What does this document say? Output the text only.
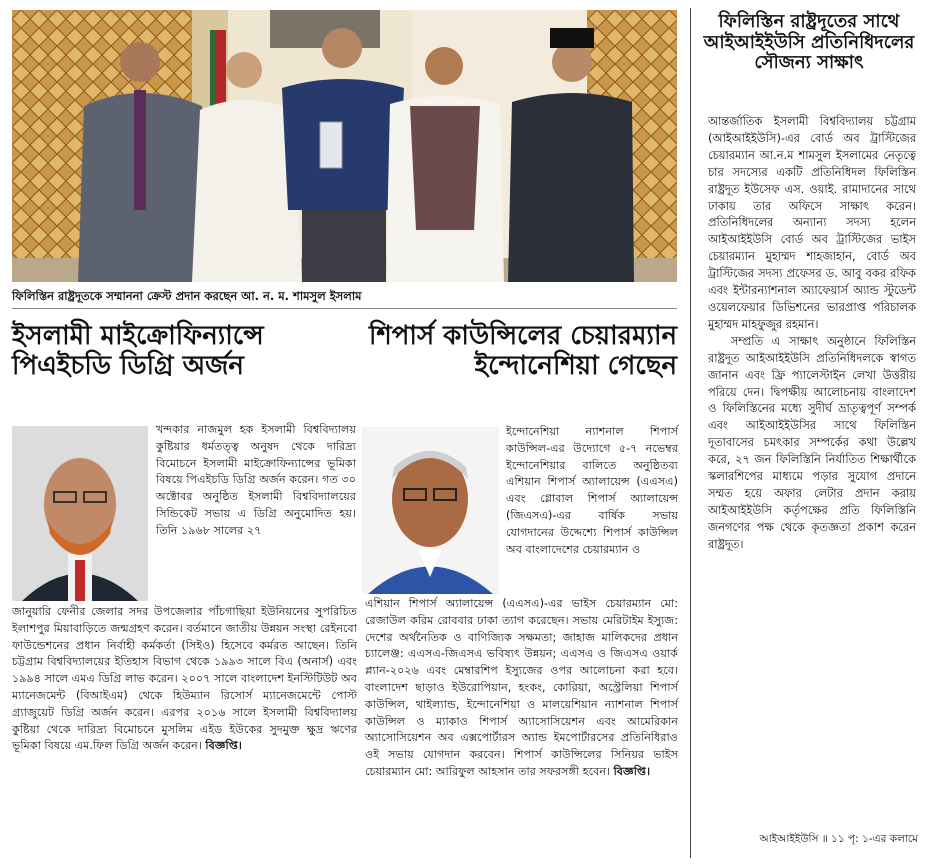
ফিলিস্তিন রাষ্ট্রদূতকে সম্মাননা ক্রেস্ট প্রদান করছেন আ. ন. ম. শামসুল ইসলাম
ফিলিস্তিন রাষ্ট্রদূতের সাথে আইআইইউসি প্রতিনিধিদলের সৌজন্য সাক্ষাৎ

আন্তর্জাতিক ইসলামী বিশ্ববিদ্যালয় চট্টগ্রাম (আইআইইউসি)-এর বোর্ড অব ট্রাস্টিজের চেয়ারম্যান আ.ন.ম শামসুল ইসলামের নেতৃত্বে চার সদস্যের একটি প্রতিনিধিদল ফিলিস্তিন রাষ্ট্রদূত ইউসেফ এস. ওয়াই. রামাদানের সাথে ঢাকায় তার অফিসে সাক্ষাৎ করেন। প্রতিনিধিদলের অন্যান্য সদস্য হলেন আইআইইউসি বোর্ড অব ট্রাস্টিজের ভাইস চেয়ারম্যান মুহাম্মদ শাহজাহান, বোর্ড অব ট্রাস্টিজের সদস্য প্রফেসর ড. আবু বকর রফিক এবং ইন্টারন্যাশনাল অ্যাফেয়ার্স অ্যান্ড স্টুডেন্ট ওয়েলফেয়ার ডিভিশনের ভারপ্রাপ্ত পরিচালক মুহাম্মদ মাহফুজুর রহমান।

সম্প্রতি এ সাক্ষাৎ অনুষ্ঠানে ফিলিস্তিন রাষ্ট্রদূত আইআইইউসি প্রতিনিধিদলকে স্বাগত জানান এবং ফ্রি প্যালেস্টাইন লেখা উত্তরীয় পরিয়ে দেন। দ্বিপক্ষীয় আলোচনায় বাংলাদেশ ও ফিলিস্তিনের মধ্যে সুদীর্ঘ ভ্রাতৃত্বপূর্ণ সম্পর্ক এবং আইআইইউসির সাথে ফিলিস্তিন দূতাবাসের চমৎকার সম্পর্কের কথা উল্লেখ করে, ২৭ জন ফিলিস্তিনি নির্যাতিত শিক্ষার্থীকে স্কলারশিপের মাধ্যমে পড়ার সুযোগ প্রদানে সম্মত হয়ে অফার লেটার প্রদান করায় আইআইইউসি কর্তৃপক্ষের প্রতি ফিলিস্তিনি জনগণের পক্ষ থেকে কৃতজ্ঞতা প্রকাশ করেন রাষ্ট্রদূত।

আইআইইউসি ॥ ১১ পৃ: ১-এর কলামে
ইসলামী মাইক্রোফিন্যান্সে পিএইচডি ডিগ্রি অর্জন

খন্দকার নাজমুল হক ইসলামী বিশ্ববিদ্যালয় কুষ্টিয়ার ধর্মতত্ত্ব অনুষদ থেকে দারিদ্র্য বিমোচনে ইসলামী মাইক্রোফিন্যান্সের ভূমিকা বিষয়ে পিএইচডি ডিগ্রি অর্জন করেন। গত ৩০ অক্টোবর অনুষ্ঠিত ইসলামী বিশ্ববিদ্যালয়ের সিন্ডিকেট সভায় এ ডিগ্রি অনুমোদিত হয়। তিনি ১৯৬৮ সালের ২৭

জানুয়ারি ফেনীর জেলার সদর উপজেলার পাঁচগাছিয়া ইউনিয়নের সুপরিচিত ইলাশপুর মিয়াবাড়িতে জন্মগ্রহণ করেন। বর্তমানে জাতীয় উন্নয়ন সংস্থা রেইনবো ফাউন্ডেশনের প্রধান নির্বাহী কর্মকর্তা (সিইও) হিসেবে কর্মরত আছেন। তিনি চট্টগ্রাম বিশ্ববিদ্যালয়ের ইতিহাস বিভাগ থেকে ১৯৯৩ সালে বিএ (অনার্স) এবং ১৯৯৪ সালে এমএ ডিগ্রি লাভ করেন। ২০০৭ সালে বাংলাদেশ ইনস্টিটিউট অব ম্যানেজমেন্ট (বিআইএম) থেকে হিউম্যান রিসোর্স ম্যানেজমেন্টে পোস্ট গ্র্যাজুয়েট ডিগ্রি অর্জন করেন। এরপর ২০১৬ সালে ইসলামী বিশ্ববিদ্যালয় কুষ্টিয়া থেকে দারিদ্র্য বিমোচনে মুসলিম এইড ইউকের সুদমুক্ত ক্ষুদ্র ঋণের ভূমিকা বিষয়ে এম.ফিল ডিগ্রি অর্জন করেন। বিজ্ঞপ্তি।
শিপার্স কাউন্সিলের চেয়ারম্যান ইন্দোনেশিয়া গেছেন

ইন্দোনেশিয়া ন্যাশনাল শিপার্স কাউন্সিল-এর উদ্যোগে ৫-৭ নভেম্বর ইন্দোনেশিয়ার বালিতে অনুষ্ঠিতব্য এশিয়ান শিপার্স অ্যালায়েন্স (এএসএ) এবং গ্লোবাল শিপার্স অ্যালায়েন্স (জিএসএ)-এর বার্ষিক সভায় যোগদানের উদ্দেশ্যে শিপার্স কাউন্সিল অব বাংলাদেশের চেয়ারম্যান ও

এশিয়ান শিপার্স অ্যালায়েন্স (এএসএ)-এর ভাইস চেয়ারম্যান মো: রেজাউল করিম রোববার ঢাকা ত্যাগ করেছেন। সভায় মেরিটাইম ইস্যুজ: দেশের অর্থনৈতিক ও বাণিজ্যিক সক্ষমতা; জাহাজ মালিকদের প্রধান চ্যালেঞ্জ: এএসএ-জিএসএ ভবিষ্যৎ উন্নয়ন; এএসএ ও জিএসএ ওয়ার্ক প্ল্যান-২০২৬ এবং মেম্বারশিপ ইস্যুজের ওপর আলোচনা করা হবে। বাংলাদেশ ছাড়াও ইউরোপিয়ান, হংকং, কোরিয়া, অস্ট্রেলিয়া শিপার্স কাউন্সিল, থাইল্যান্ড, ইন্দোনেশিয়া ও মালয়েশিয়ান ন্যাশনাল শিপার্স কাউন্সিল ও ম্যাকাও শিপার্স অ্যাসোসিয়েশন এবং আমেরিকান অ্যাসোসিয়েশন অব এক্সপোর্টারস অ্যান্ড ইমপোর্টারসের প্রতিনিধিরাও ওই সভায় যোগদান করবেন। শিপার্স কাউন্সিলের সিনিয়র ভাইস চেয়ারম্যান মো: আরিফুল আহসান তার সফরসঙ্গী হবেন। বিজ্ঞপ্তি।
